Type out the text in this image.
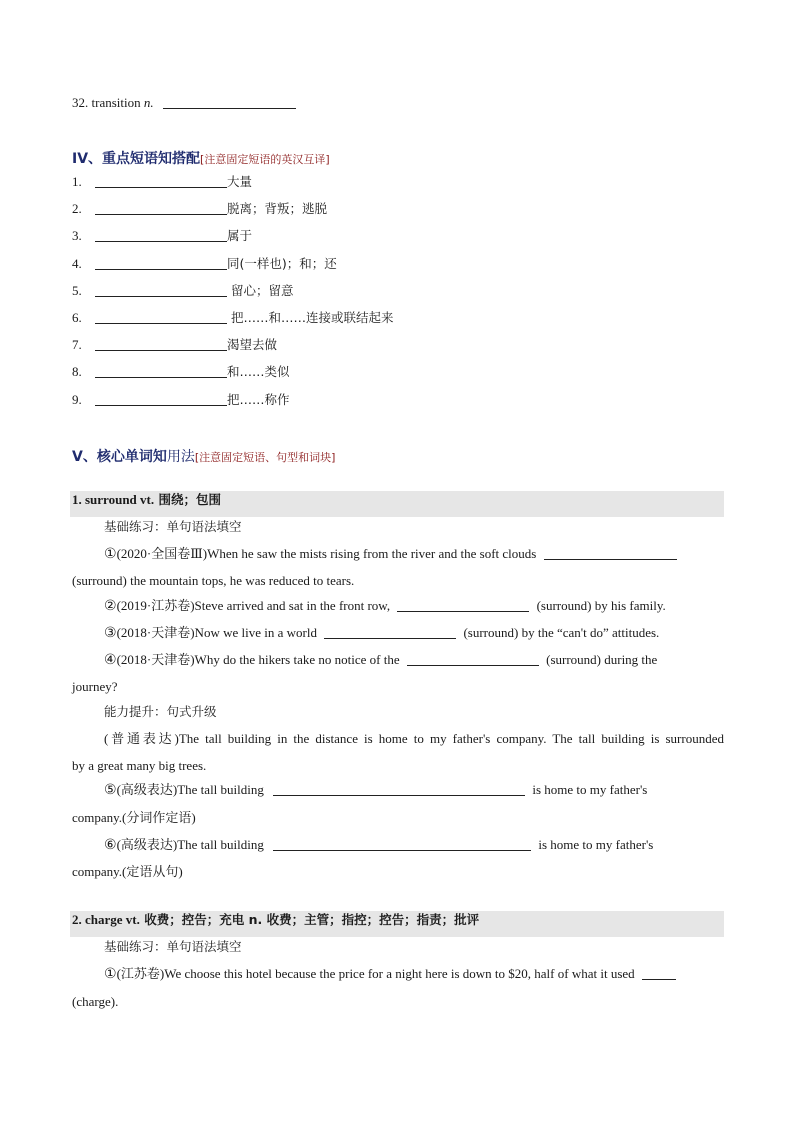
32. transition n.
IV、重点短语知搭配[注意固定短语的英汉互译]
1.	大量
2.	脱离；背叛；逃脱
3.	属于
4.	同(一样也)；和；还
5.	留心；留意
6.	把……和……连接或联结起来
7.	渴望去做
8.	和……类似
9.	把……称作
V、核心单词知用法[注意固定短语、句型和词块]
1. surround vt. 围绕；包围
基础练习：单句语法填空
①(2020·全国卷Ⅲ)When he saw the mists rising from the river and the soft clouds
(surround) the mountain tops, he was reduced to tears.
②(2019·江苏卷)Steve arrived and sat in the front row,	(surround) by his family.
③(2018·天津卷)Now we live in a world	(surround) by the “can't do” attitudes.
④(2018·天津卷)Why do the hikers take no notice of the	(surround) during the
journey?
能力提升：句式升级
(普通表达)The tall building in the distance is home to my father's company. The tall building is surrounded
by a great many big trees.
⑤(高级表达)The tall building	is home to my father's
company.(分词作定语)
⑥(高级表达)The tall building	is home to my father's
company.(定语从句)
2. charge vt. 收费；控告；充电 n. 收费；主管；指控；控告；指责；批评
基础练习：单句语法填空
①(江苏卷)We choose this hotel because the price for a night here is down to $20, half of what it used
(charge).
